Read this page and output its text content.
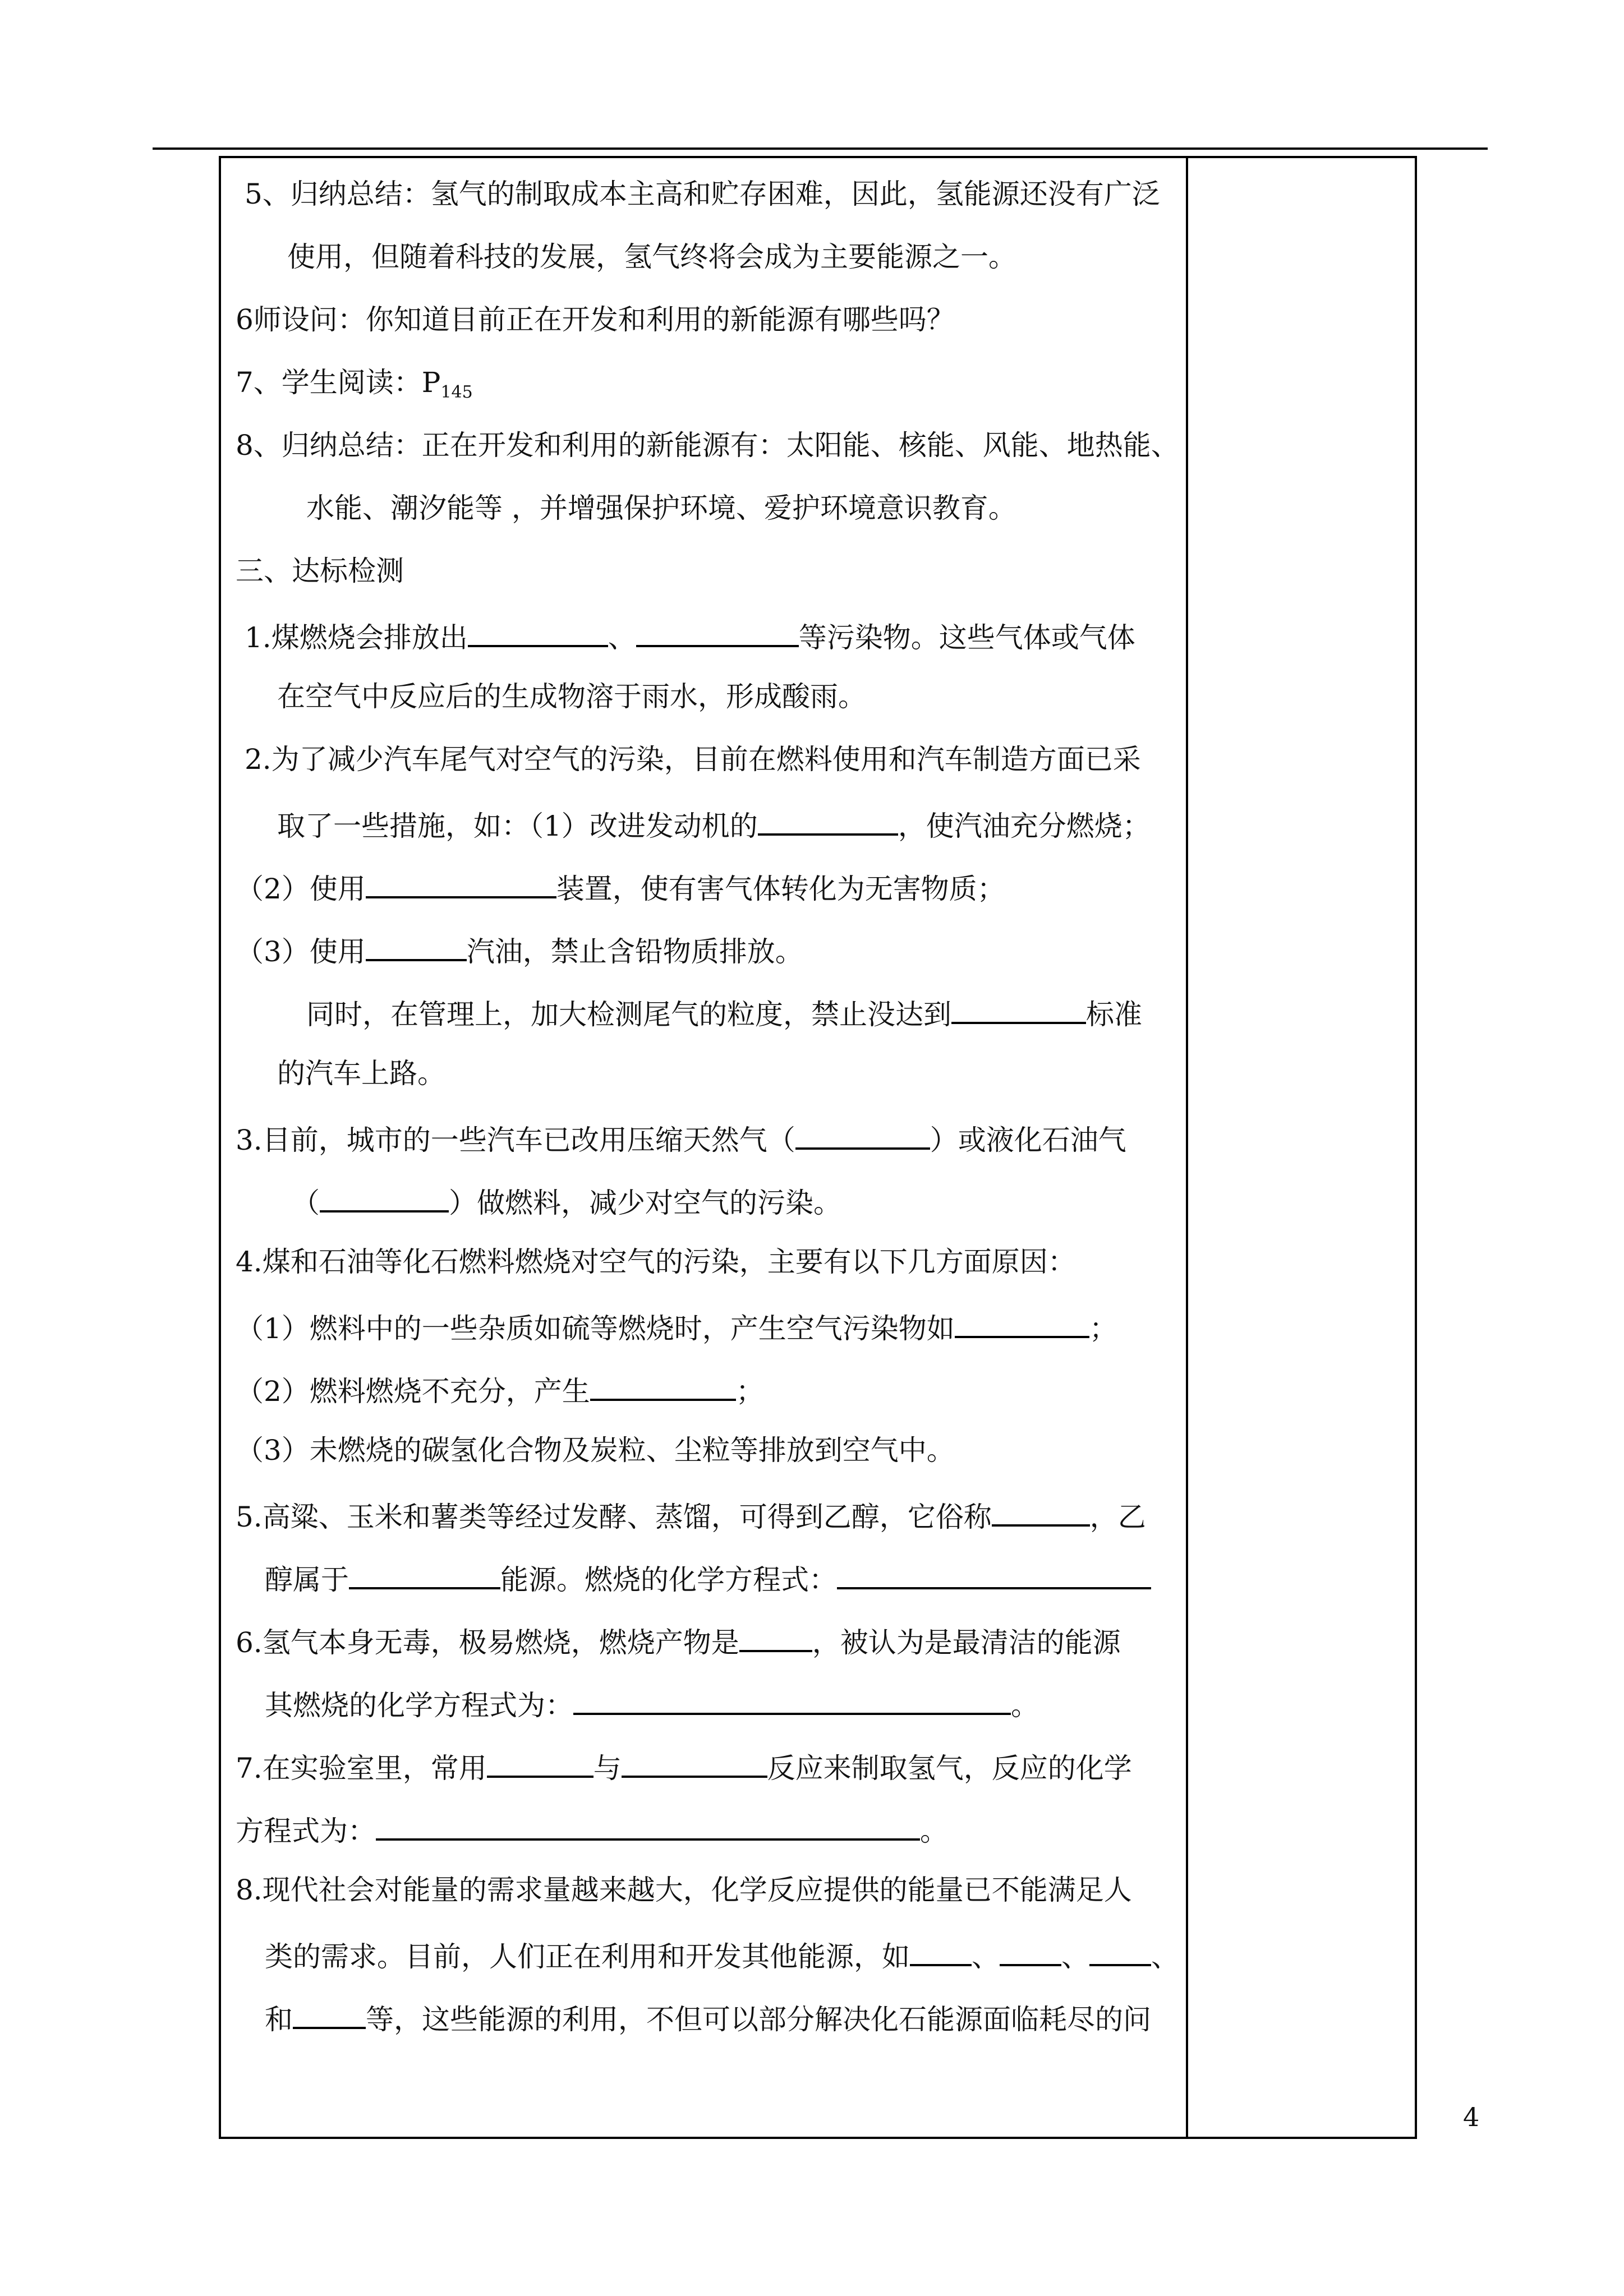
5、归纳总结：氢气的制取成本主高和贮存困难，因此，氢能源还没有广泛

使用，但随着科技的发展，氢气终将会成为主要能源之一。

6师设问：你知道目前正在开发和利用的新能源有哪些吗？

7、学生阅读：$P_{145}$

8、归纳总结：正在开发和利用的新能源有：太阳能、核能、风能、地热能、

水能、潮汐能等 ，并增强保护环境、爱护环境意识教育。

三、达标检测

1.煤燃烧会排放出	、	等污染物。这些气体或气体

在空气中反应后的生成物溶于雨水，形成酸雨。

2.为了减少汽车尾气对空气的污染，目前在燃料使用和汽车制造方面已采

取了一些措施，如：（1）改进发动机的	，使汽油充分燃烧；

（2）使用	装置，使有害气体转化为无害物质；

（3）使用	汽油，禁止含铅物质排放。

同时，在管理上，加大检测尾气的粒度，禁止没达到	标准

的汽车上路。

3.目前，城市的一些汽车已改用压缩天然气（	）或液化石油气

（	）做燃料，减少对空气的污染。

4.煤和石油等化石燃料燃烧对空气的污染，主要有以下几方面原因：

（1）燃料中的一些杂质如硫等燃烧时，产生空气污染物如	；

（2）燃料燃烧不充分，产生	；

（3）未燃烧的碳氢化合物及炭粒、尘粒等排放到空气中。

5.高粱、玉米和薯类等经过发酵、蒸馏，可得到乙醇，它俗称	，乙

醇属于	能源。燃烧的化学方程式：

6.氢气本身无毒，极易燃烧，燃烧产物是	，被认为是最清洁的能源

其燃烧的化学方程式为：	。

7.在实验室里，常用	与	反应来制取氢气，反应的化学

方程式为：	。

8.现代社会对能量的需求量越来越大，化学反应提供的能量已不能满足人

类的需求。目前，人们正在利用和开发其他能源，如 、 、 、

和	等，这些能源的利用，不但可以部分解决化石能源面临耗尽的问

4
